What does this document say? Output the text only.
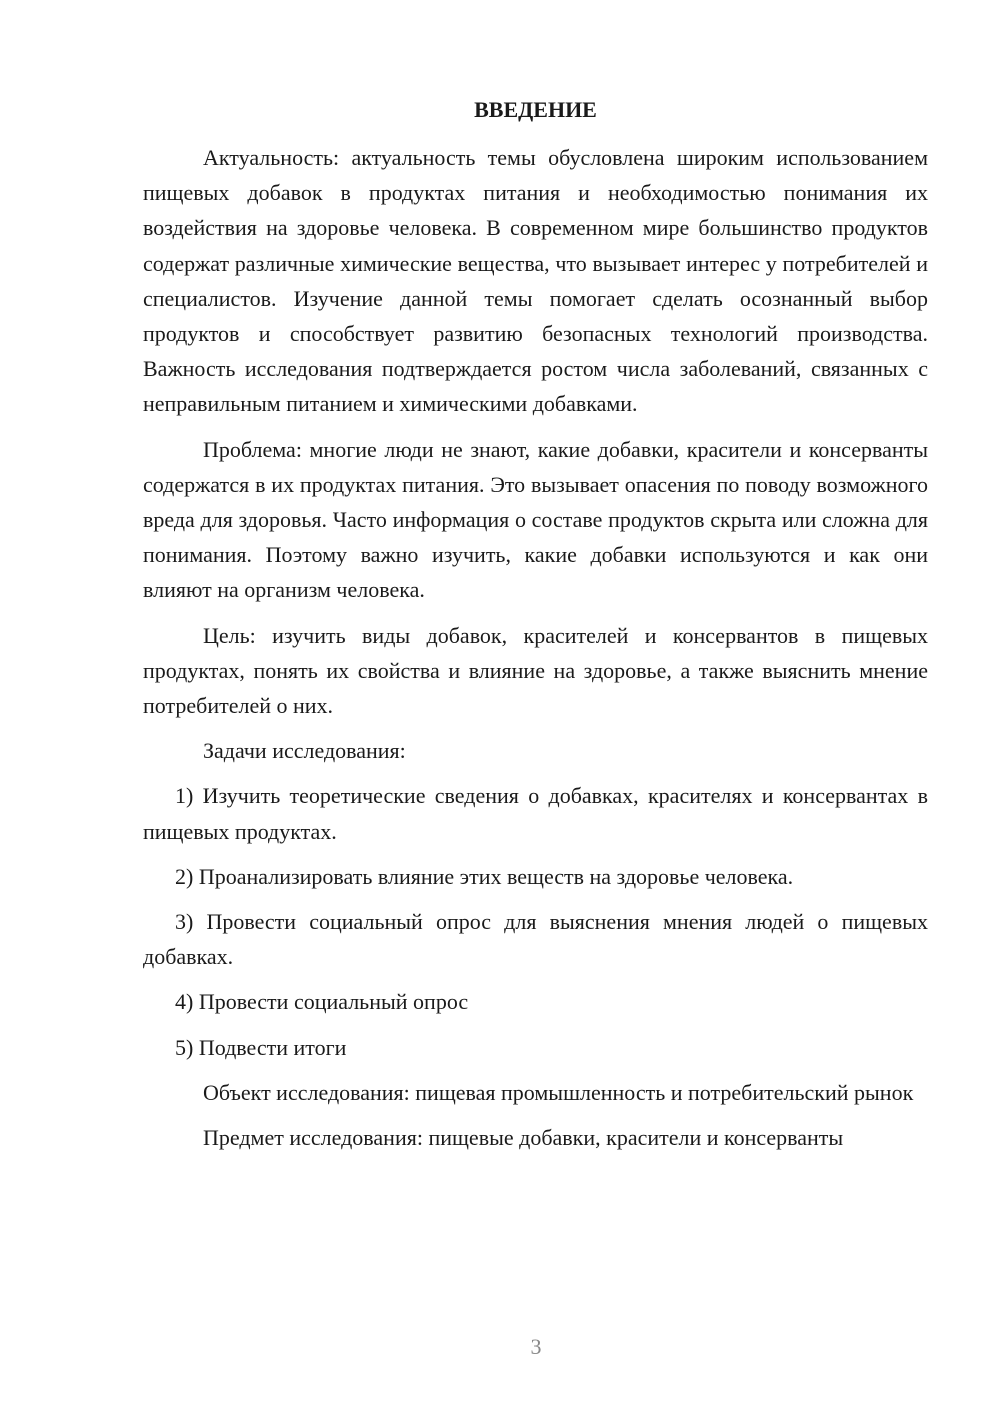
ВВЕДЕНИЕ

Актуальность: актуальность темы обусловлена широким использованием пищевых добавок в продуктах питания и необходимостью понимания их воздействия на здоровье человека. В современном мире большинство продуктов содержат различные химические вещества, что вызывает интерес у потребителей и специалистов. Изучение данной темы помогает сделать осознанный выбор продуктов и способствует развитию безопасных технологий производства. Важность исследования подтверждается ростом числа заболеваний, связанных с неправильным питанием и химическими добавками.

Проблема: многие люди не знают, какие добавки, красители и консерванты содержатся в их продуктах питания. Это вызывает опасения по поводу возможного вреда для здоровья. Часто информация о составе продуктов скрыта или сложна для понимания. Поэтому важно изучить, какие добавки используются и как они влияют на организм человека.

Цель: изучить виды добавок, красителей и консервантов в пищевых продуктах, понять их свойства и влияние на здоровье, а также выяснить мнение потребителей о них.

Задачи исследования:

1) Изучить теоретические сведения о добавках, красителях и консервантах в пищевых продуктах.

2) Проанализировать влияние этих веществ на здоровье человека.

3) Провести социальный опрос для выяснения мнения людей о пищевых добавках.

4) Провести социальный опрос

5) Подвести итоги

Объект исследования: пищевая промышленность и потребительский рынок

Предмет исследования: пищевые добавки, красители и консерванты

3
